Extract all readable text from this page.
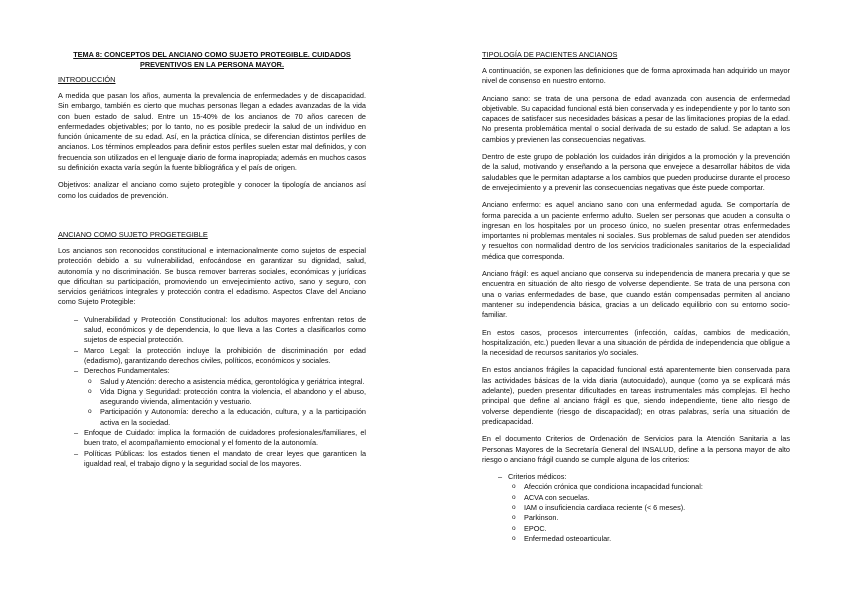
TEMA 8: CONCEPTOS DEL ANCIANO COMO SUJETO PROTEGIBLE. CUIDADOS PREVENTIVOS EN LA PERSONA MAYOR.
INTRODUCCIÓN

A medida que pasan los años, aumenta la prevalencia de enfermedades y de discapacidad. Sin embargo, también es cierto que muchas personas llegan a edades avanzadas de la vida con buen estado de salud. Entre un 15-40% de los ancianos de 70 años carecen de enfermedades objetivables; por lo tanto, no es posible predecir la salud de un individuo en función únicamente de su edad. Así, en la práctica clínica, se diferencian distintos perfiles de ancianos. Los términos empleados para definir estos perfiles suelen estar mal definidos, y con frecuencia son utilizados en el lenguaje diario de forma inapropiada; además en muchos casos su definición exacta varía según la fuente bibliográfica y el país de origen.

Objetivos: analizar el anciano como sujeto protegible y conocer la tipología de ancianos así como los cuidados de prevención.

ANCIANO COMO SUJETO PROGETEGIBLE

Los ancianos son reconocidos constitucional e internacionalmente como sujetos de especial protección debido a su vulnerabilidad, enfocándose en garantizar su dignidad, salud, autonomía y no discriminación. Se busca remover barreras sociales, económicas y jurídicas que dificultan su participación, promoviendo un envejecimiento activo, sano y seguro, con servicios geriátricos integrales y protección contra el edadismo. Aspectos Clave del Anciano como Sujeto Protegible:

– Vulnerabilidad y Protección Constitucional: los adultos mayores enfrentan retos de salud, económicos y de dependencia, lo que lleva a las Cortes a clasificarlos como sujetos de especial protección.
– Marco Legal: la protección incluye la prohibición de discriminación por edad (edadismo), garantizando derechos civiles, políticos, económicos y sociales.
– Derechos Fundamentales:
o Salud y Atención: derecho a asistencia médica, gerontológica y geriátrica integral.
o Vida Digna y Seguridad: protección contra la violencia, el abandono y el abuso, asegurando vivienda, alimentación y vestuario.
o Participación y Autonomía: derecho a la educación, cultura, y a la participación activa en la sociedad.
– Enfoque de Cuidado: implica la formación de cuidadores profesionales/familiares, el buen trato, el acompañamiento emocional y el fomento de la autonomía.
– Políticas Públicas: los estados tienen el mandato de crear leyes que garanticen la igualdad real, el trabajo digno y la seguridad social de los mayores.
TIPOLOGÍA DE PACIENTES ANCIANOS

A continuación, se exponen las definiciones que de forma aproximada han adquirido un mayor nivel de consenso en nuestro entorno.

Anciano sano: se trata de una persona de edad avanzada con ausencia de enfermedad objetivable. Su capacidad funcional está bien conservada y es independiente y por lo tanto son capaces de satisfacer sus necesidades básicas a pesar de las limitaciones propias de la edad. No presenta problemática mental o social derivada de su estado de salud. Se adaptan a los cambios y previenen las consecuencias negativas.

Dentro de este grupo de población los cuidados irán dirigidos a la promoción y la prevención de la salud, motivando y enseñando a la persona que envejece a desarrollar hábitos de vida saludables que le permitan adaptarse a los cambios que pueden producirse durante el proceso de envejecimiento y a prevenir las consecuencias negativas que éste puede comportar.

Anciano enfermo: es aquel anciano sano con una enfermedad aguda. Se comportaría de forma parecida a un paciente enfermo adulto. Suelen ser personas que acuden a consulta o ingresan en los hospitales por un proceso único, no suelen presentar otras enfermedades importantes ni problemas mentales ni sociales. Sus problemas de salud pueden ser atendidos y resueltos con normalidad dentro de los servicios tradicionales sanitarios de la especialidad médica que corresponda.

Anciano frágil: es aquel anciano que conserva su independencia de manera precaria y que se encuentra en situación de alto riesgo de volverse dependiente. Se trata de una persona con una o varias enfermedades de base, que cuando están compensadas permiten al anciano mantener su independencia básica, gracias a un delicado equilibrio con su entorno socio-familiar.

En estos casos, procesos intercurrentes (infección, caídas, cambios de medicación, hospitalización, etc.) pueden llevar a una situación de pérdida de independencia que obligue a la necesidad de recursos sanitarios y/o sociales.

En estos ancianos frágiles la capacidad funcional está aparentemente bien conservada para las actividades básicas de la vida diaria (autocuidado), aunque (como ya se explicará más adelante), pueden presentar dificultades en tareas instrumentales más complejas. El hecho principal que define al anciano frágil es que, siendo independiente, tiene alto riesgo de volverse dependiente (riesgo de discapacidad); en otras palabras, sería una situación de predicapacidad.

En el documento Criterios de Ordenación de Servicios para la Atención Sanitaria a las Personas Mayores de la Secretaría General del INSALUD, define a la persona mayor de alto riesgo o anciano frágil cuando se cumple alguna de los criterios:

– Criterios médicos:
o Afección crónica que condiciona incapacidad funcional:
o ACVA con secuelas.
o IAM o insuficiencia cardiaca reciente (< 6 meses).
o Parkinson.
o EPOC.
o Enfermedad osteoarticular.
